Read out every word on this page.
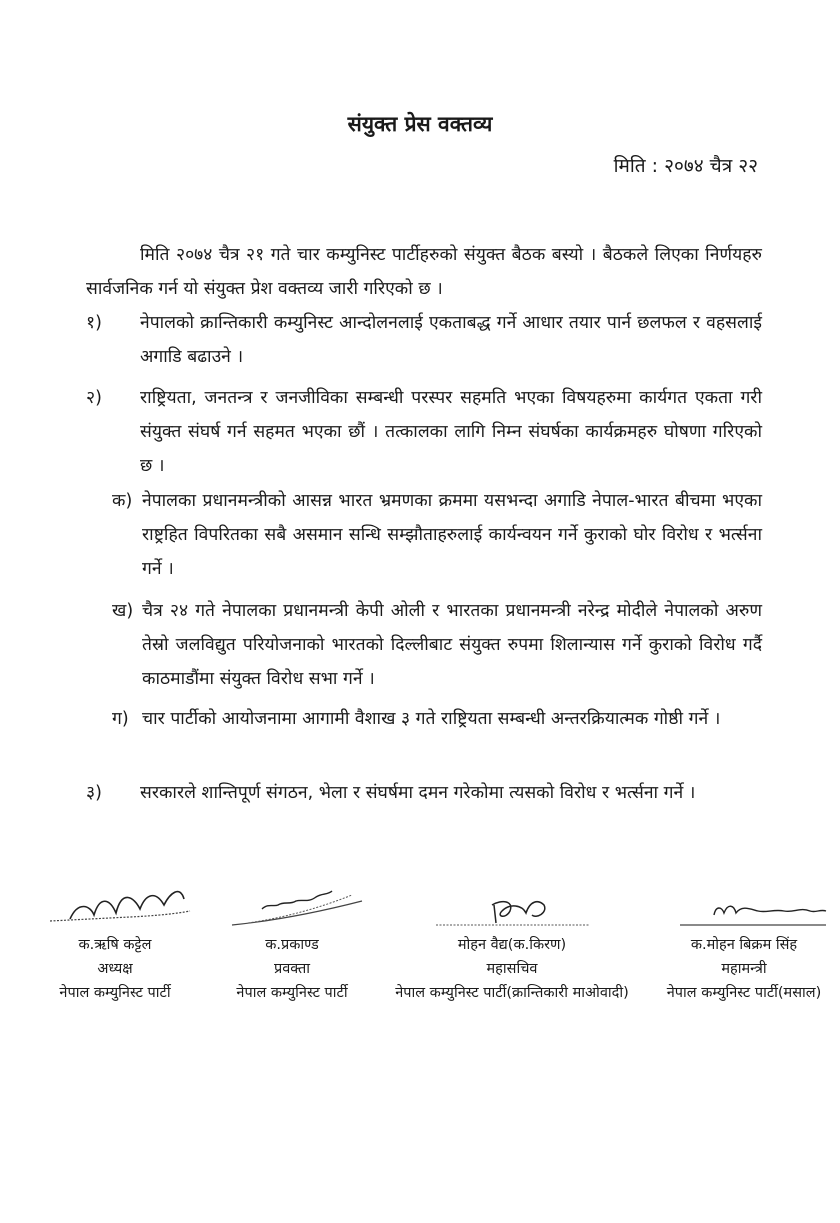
संयुक्त प्रेस वक्तव्य
मिति : २०७४ चैत्र २२
मिति २०७४ चैत्र २१ गते चार कम्युनिस्ट पार्टीहरुको संयुक्त बैठक बस्यो । बैठकले लिएका निर्णयहरु सार्वजनिक गर्न यो संयुक्त प्रेश वक्तव्य जारी गरिएको छ ।
१)	नेपालको क्रान्तिकारी कम्युनिस्ट आन्दोलनलाई एकताबद्ध गर्ने आधार तयार पार्न छलफल र वहसलाई अगाडि बढाउने ।
२)	राष्ट्रियता, जनतन्त्र र जनजीविका सम्बन्धी परस्पर सहमति भएका विषयहरुमा कार्यगत एकता गरी संयुक्त संघर्ष गर्न सहमत भएका छौं । तत्कालका लागि निम्न संघर्षका कार्यक्रमहरु घोषणा गरिएको छ ।
क) नेपालका प्रधानमन्त्रीको आसन्न भारत भ्रमणका क्रममा यसभन्दा अगाडि नेपाल-भारत बीचमा भएका राष्ट्रहित विपरितका सबै असमान सन्धि सम्झौताहरुलाई कार्यन्वयन गर्ने कुराको घोर विरोध र भर्त्सना गर्ने ।
ख) चैत्र २४ गते नेपालका प्रधानमन्त्री केपी ओली र भारतका प्रधानमन्त्री नरेन्द्र मोदीले नेपालको अरुण तेस्रो जलविद्युत परियोजनाको भारतको दिल्लीबाट संयुक्त रुपमा शिलान्यास गर्ने कुराको विरोध गर्दै काठमाडौंमा संयुक्त विरोध सभा गर्ने ।
ग) चार पार्टीको आयोजनामा आगामी वैशाख ३ गते राष्ट्रियता सम्बन्धी अन्तरक्रियात्मक गोष्ठी गर्ने ।
३)	सरकारले शान्तिपूर्ण संगठन, भेला र संघर्षमा दमन गरेकोमा त्यसको विरोध र भर्त्सना गर्ने ।
क.ऋषि कट्टेल
अध्यक्ष
नेपाल कम्युनिस्ट पार्टी
क.प्रकाण्ड
प्रवक्ता
नेपाल कम्युनिस्ट पार्टी
मोहन वैद्य(क.किरण)
महासचिव
नेपाल कम्युनिस्ट पार्टी(क्रान्तिकारी माओवादी)
क.मोहन बिक्रम सिंह
महामन्त्री
नेपाल कम्युनिस्ट पार्टी(मसाल)
